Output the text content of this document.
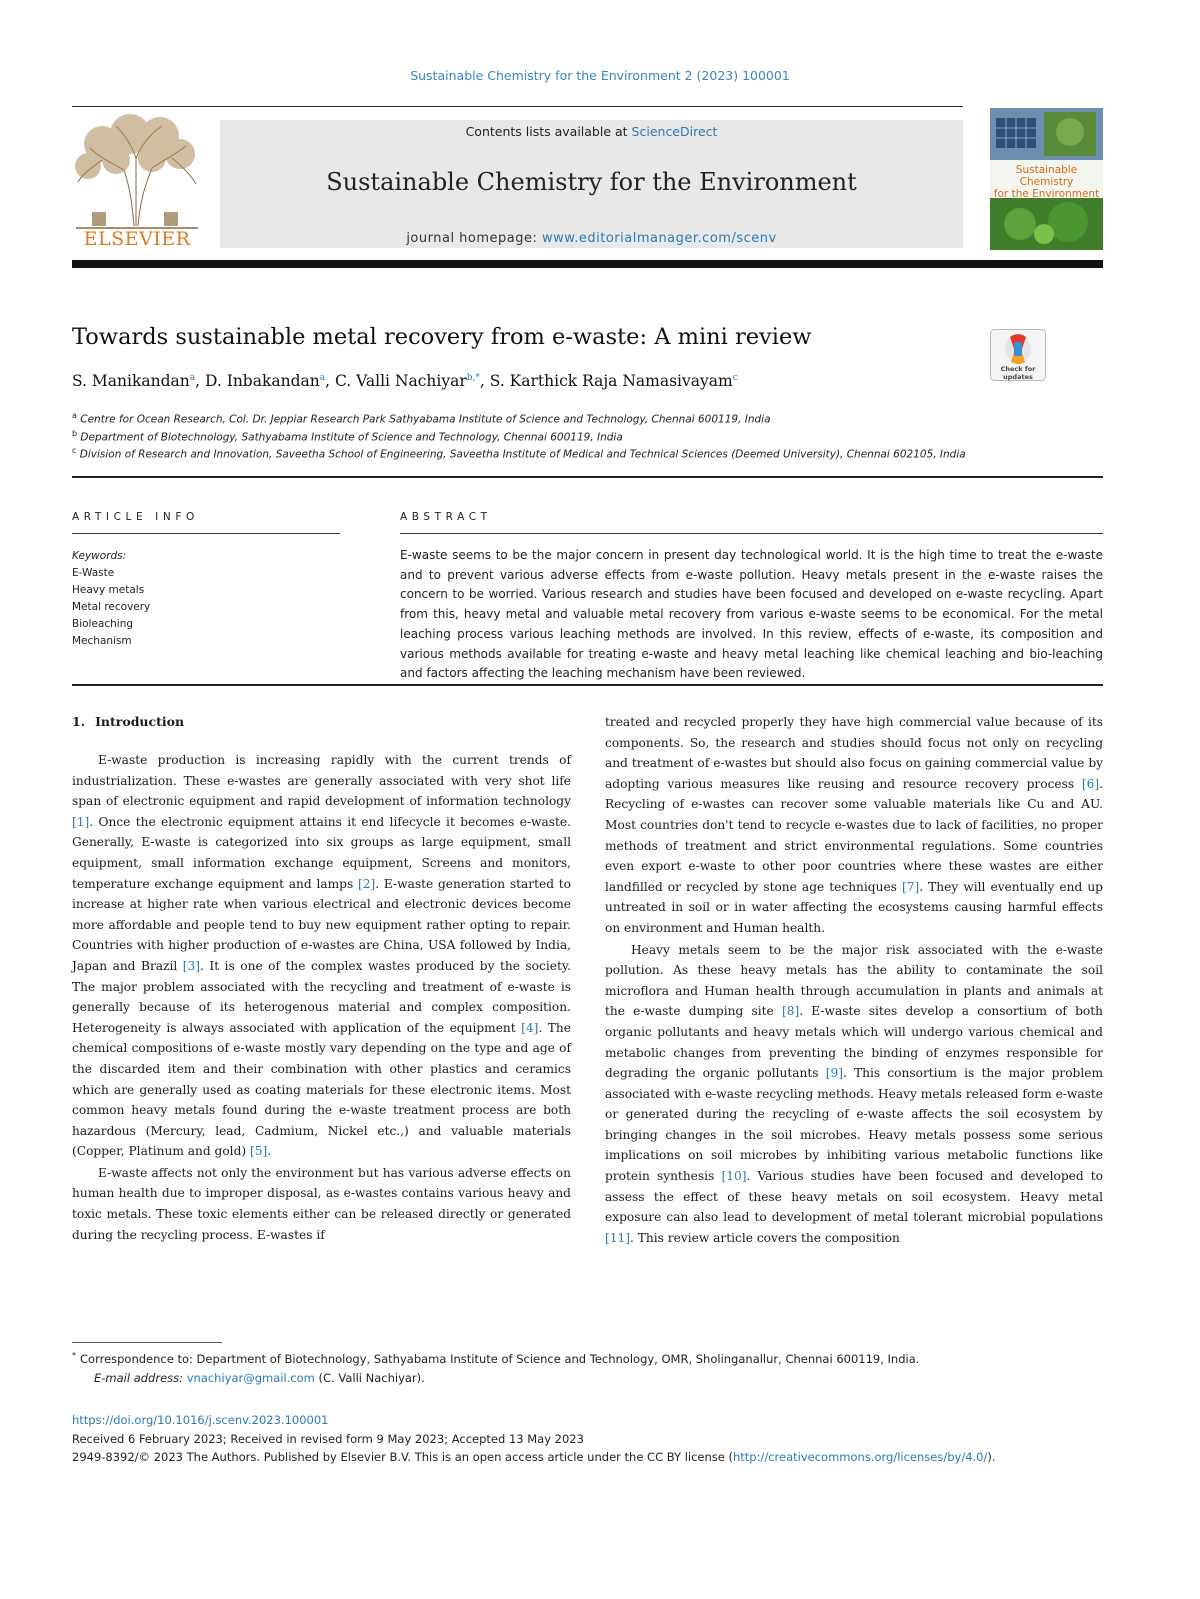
Sustainable Chemistry for the Environment 2 (2023) 100001
ELSEVIER
Contents lists available at ScienceDirect
Sustainable Chemistry for the Environment
journal homepage: www.editorialmanager.com/scenv
Sustainable Chemistry
for the Environment
Towards sustainable metal recovery from e-waste: A mini review
Check for updates
S. Manikandan$^a$, D. Inbakandan$^a$, C. Valli Nachiyar$^{b,*}$, S. Karthick Raja Namasivayam$^c$
$^a$ Centre for Ocean Research, Col. Dr. Jeppiar Research Park Sathyabama Institute of Science and Technology, Chennai 600119, India
$^b$ Department of Biotechnology, Sathyabama Institute of Science and Technology, Chennai 600119, India
$^c$ Division of Research and Innovation, Saveetha School of Engineering, Saveetha Institute of Medical and Technical Sciences (Deemed University), Chennai 602105, India
ARTICLE INFO
Keywords:
E-Waste
Heavy metals
Metal recovery
Bioleaching
Mechanism
ABSTRACT
E-waste seems to be the major concern in present day technological world. It is the high time to treat the e-waste and to prevent various adverse effects from e-waste pollution. Heavy metals present in the e-waste raises the concern to be worried. Various research and studies have been focused and developed on e-waste recycling. Apart from this, heavy metal and valuable metal recovery from various e-waste seems to be economical. For the metal leaching process various leaching methods are involved. In this review, effects of e-waste, its composition and various methods available for treating e-waste and heavy metal leaching like chemical leaching and bio-leaching and factors affecting the leaching mechanism have been reviewed.
1. Introduction

E-waste production is increasing rapidly with the current trends of industrialization. These e-wastes are generally associated with very shot life span of electronic equipment and rapid development of information technology [1]. Once the electronic equipment attains it end lifecycle it becomes e-waste. Generally, E-waste is categorized into six groups as large equipment, small equipment, small information exchange equipment, Screens and monitors, temperature exchange equipment and lamps [2]. E-waste generation started to increase at higher rate when various electrical and electronic devices become more affordable and people tend to buy new equipment rather opting to repair. Countries with higher production of e-wastes are China, USA followed by India, Japan and Brazil [3]. It is one of the complex wastes produced by the society. The major problem associated with the recycling and treatment of e-waste is generally because of its heterogenous material and complex composition. Heterogeneity is always associated with application of the equipment [4]. The chemical compositions of e-waste mostly vary depending on the type and age of the discarded item and their combination with other plastics and ceramics which are generally used as coating materials for these electronic items. Most common heavy metals found during the e-waste treatment process are both hazardous (Mercury, lead, Cadmium, Nickel etc.,) and valuable materials (Copper, Platinum and gold) [5].

E-waste affects not only the environment but has various adverse effects on human health due to improper disposal, as e-wastes contains various heavy and toxic metals. These toxic elements either can be released directly or generated during the recycling process. E-wastes if

treated and recycled properly they have high commercial value because of its components. So, the research and studies should focus not only on recycling and treatment of e-wastes but should also focus on gaining commercial value by adopting various measures like reusing and resource recovery process [6]. Recycling of e-wastes can recover some valuable materials like Cu and AU. Most countries don't tend to recycle e-wastes due to lack of facilities, no proper methods of treatment and strict environmental regulations. Some countries even export e-waste to other poor countries where these wastes are either landfilled or recycled by stone age techniques [7]. They will eventually end up untreated in soil or in water affecting the ecosystems causing harmful effects on environment and Human health.

Heavy metals seem to be the major risk associated with the e-waste pollution. As these heavy metals has the ability to contaminate the soil microflora and Human health through accumulation in plants and animals at the e-waste dumping site [8]. E-waste sites develop a consortium of both organic pollutants and heavy metals which will undergo various chemical and metabolic changes from preventing the binding of enzymes responsible for degrading the organic pollutants [9]. This consortium is the major problem associated with e-waste recycling methods. Heavy metals released form e-waste or generated during the recycling of e-waste affects the soil ecosystem by bringing changes in the soil microbes. Heavy metals possess some serious implications on soil microbes by inhibiting various metabolic functions like protein synthesis [10]. Various studies have been focused and developed to assess the effect of these heavy metals on soil ecosystem. Heavy metal exposure can also lead to development of metal tolerant microbial populations [11]. This review article covers the composition

* Correspondence to: Department of Biotechnology, Sathyabama Institute of Science and Technology, OMR, Sholinganallur, Chennai 600119, India.
E-mail address: vnachiyar@gmail.com (C. Valli Nachiyar).
https://doi.org/10.1016/j.scenv.2023.100001
Received 6 February 2023; Received in revised form 9 May 2023; Accepted 13 May 2023
2949-8392/© 2023 The Authors. Published by Elsevier B.V. This is an open access article under the CC BY license (http://creativecommons.org/licenses/by/4.0/).
